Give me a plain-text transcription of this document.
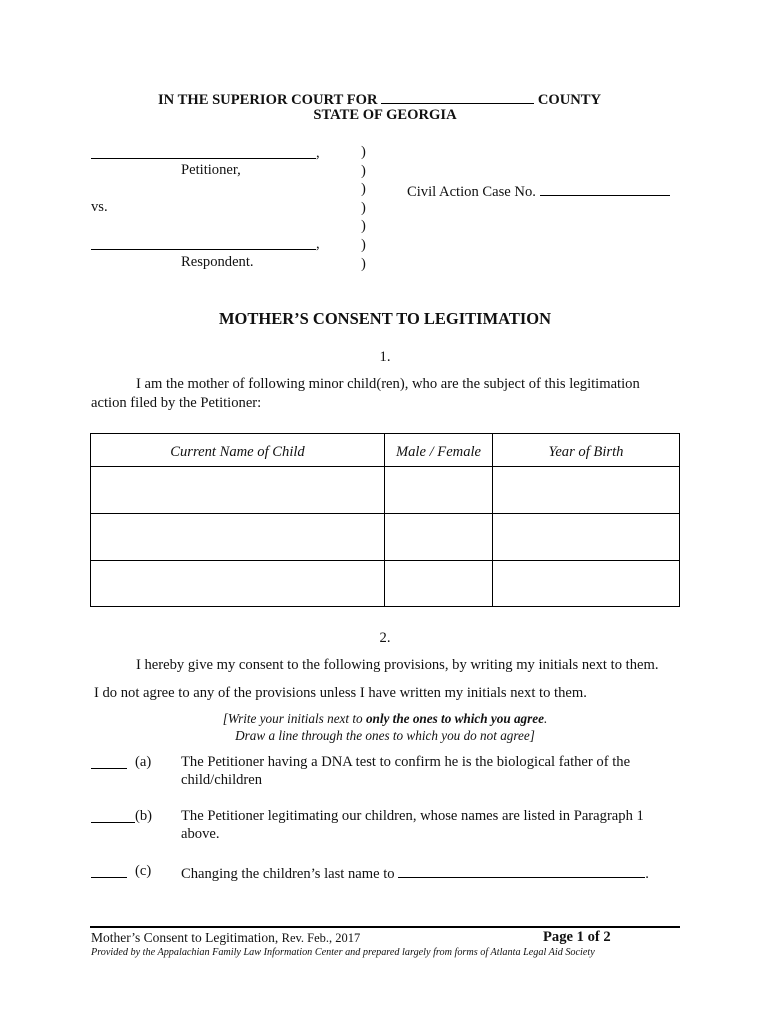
IN THE SUPERIOR COURT FOR	COUNTY
STATE OF GEORGIA
,
Petitioner,
vs.
,
Respondent.
)
)
)
)
)
)
)
Civil Action Case No.
MOTHER’S CONSENT TO LEGITIMATION
1.
I am the mother of following minor child(ren), who are the subject of this legitimation
action filed by the Petitioner:
Current Name of Child	Male / Female	Year of Birth
2.
I hereby give my consent to the following provisions, by writing my initials next to them.
I do not agree to any of the provisions unless I have written my initials next to them.
[Write your initials next to only the ones to which you agree.
Draw a line through the ones to which you do not agree]
(a) The Petitioner having a DNA test to confirm he is the biological father of the
child/children
(b) The Petitioner legitimating our children, whose names are listed in Paragraph 1
above.
(c) Changing the children’s last name to	.
Mother’s Consent to Legitimation, Rev. Feb., 2017	Page 1 of 2
Provided by the Appalachian Family Law Information Center and prepared largely from forms of Atlanta Legal Aid Society
